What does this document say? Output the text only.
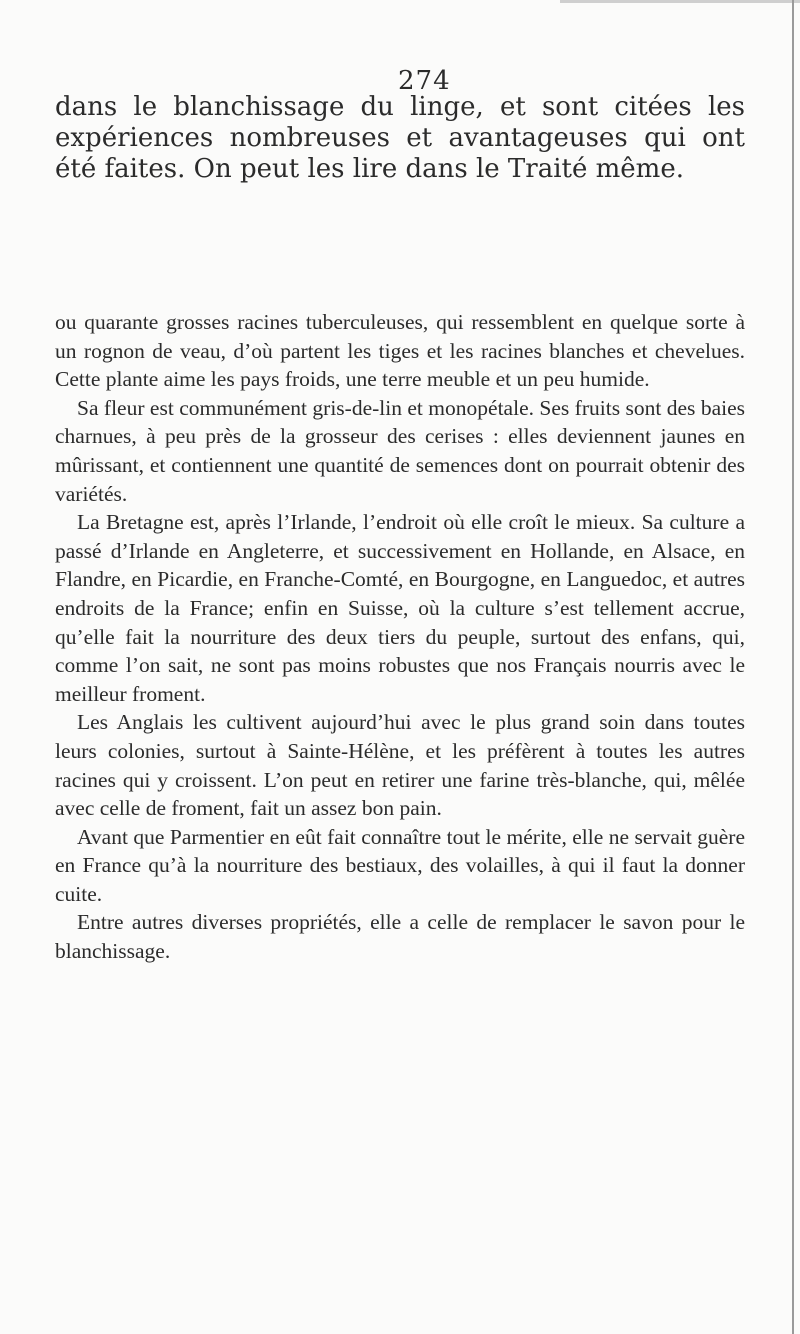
274

dans le blanchissage du linge, et sont citées les expériences nombreuses et avantageuses qui ont été faites. On peut les lire dans le Traité même.

ou quarante grosses racines tuberculeuses, qui ressemblent en quelque sorte à un rognon de veau, d’où partent les tiges et les racines blanches et chevelues. Cette plante aime les pays froids, une terre meuble et un peu humide.

Sa fleur est communément gris-de-lin et monopétale. Ses fruits sont des baies charnues, à peu près de la grosseur des cerises : elles deviennent jaunes en mûrissant, et contiennent une quantité de semences dont on pourrait obtenir des variétés.

La Bretagne est, après l’Irlande, l’endroit où elle croît le mieux. Sa culture a passé d’Irlande en Angleterre, et successivement en Hollande, en Alsace, en Flandre, en Picardie, en Franche-Comté, en Bourgogne, en Languedoc, et autres endroits de la France; enfin en Suisse, où la culture s’est tellement accrue, qu’elle fait la nourriture des deux tiers du peuple, surtout des enfans, qui, comme l’on sait, ne sont pas moins robustes que nos Français nourris avec le meilleur froment.

Les Anglais les cultivent aujourd’hui avec le plus grand soin dans toutes leurs colonies, surtout à Sainte-Hélène, et les préfèrent à toutes les autres racines qui y croissent. L’on peut en retirer une farine très-blanche, qui, mêlée avec celle de froment, fait un assez bon pain.

Avant que Parmentier en eût fait connaître tout le mérite, elle ne servait guère en France qu’à la nourriture des bestiaux, des volailles, à qui il faut la donner cuite.

Entre autres diverses propriétés, elle a celle de remplacer le savon pour le blanchissage.
